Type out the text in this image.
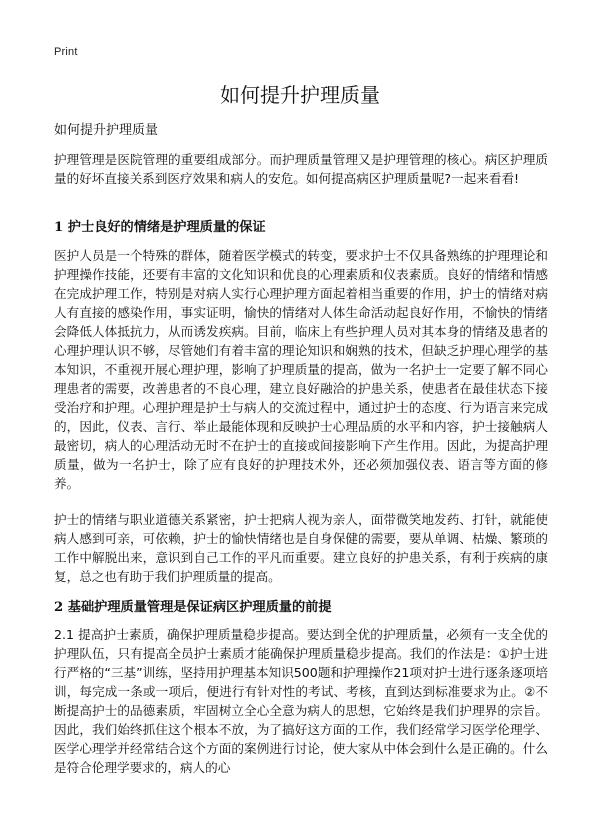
Print
如何提升护理质量
如何提升护理质量

护理管理是医院管理的重要组成部分。而护理质量管理又是护理管理的核心。病区护理质量的好坏直接关系到医疗效果和病人的安危。如何提高病区护理质量呢?一起来看看!

1 护士良好的情绪是护理质量的保证

医护人员是一个特殊的群体，随着医学模式的转变，要求护士不仅具备熟练的护理理论和护理操作技能，还要有丰富的文化知识和优良的心理素质和仪表素质。良好的情绪和情感在完成护理工作，特别是对病人实行心理护理方面起着相当重要的作用，护士的情绪对病人有直接的感染作用，事实证明，愉快的情绪对人体生命活动起良好作用，不愉快的情绪会降低人体抵抗力，从而诱发疾病。目前，临床上有些护理人员对其本身的情绪及患者的心理护理认识不够，尽管她们有着丰富的理论知识和娴熟的技术，但缺乏护理心理学的基本知识，不重视开展心理护理，影响了护理质量的提高，做为一名护士一定要了解不同心理患者的需要，改善患者的不良心理，建立良好融洽的护患关系，使患者在最佳状态下接受治疗和护理。心理护理是护士与病人的交流过程中，通过护士的态度、行为语言来完成的，因此，仪表、言行、举止最能体现和反映护士心理品质的水平和内容，护士接触病人最密切，病人的心理活动无时不在护士的直接或间接影响下产生作用。因此，为提高护理质量，做为一名护士，除了应有良好的护理技术外，还必须加强仪表、语言等方面的修养。

护士的情绪与职业道德关系紧密，护士把病人视为亲人，面带微笑地发药、打针，就能使病人感到可亲，可依赖，护士的愉快情绪也是自身保健的需要，要从单调、枯燥、繁琐的工作中解脱出来，意识到自己工作的平凡而重要。建立良好的护患关系，有利于疾病的康复，总之也有助于我们护理质量的提高。

2 基础护理质量管理是保证病区护理质量的前提

2.1 提高护士素质，确保护理质量稳步提高。要达到全优的护理质量，必须有一支全优的护理队伍，只有提高全员护士素质才能确保护理质量稳步提高。我们的作法是：①护士进行严格的“三基”训练，坚持用护理基本知识500题和护理操作21项对护士进行逐条逐项培训，每完成一条或一项后，便进行有针对性的考试、考核，直到达到标准要求为止。②不断提高护士的品德素质，牢固树立全心全意为病人的思想，它始终是我们护理界的宗旨。因此，我们始终抓住这个根本不放，为了搞好这方面的工作，我们经常学习医学伦理学、医学心理学并经常结合这个方面的案例进行讨论，使大家从中体会到什么是正确的。什么是符合伦理学要求的，病人的心
